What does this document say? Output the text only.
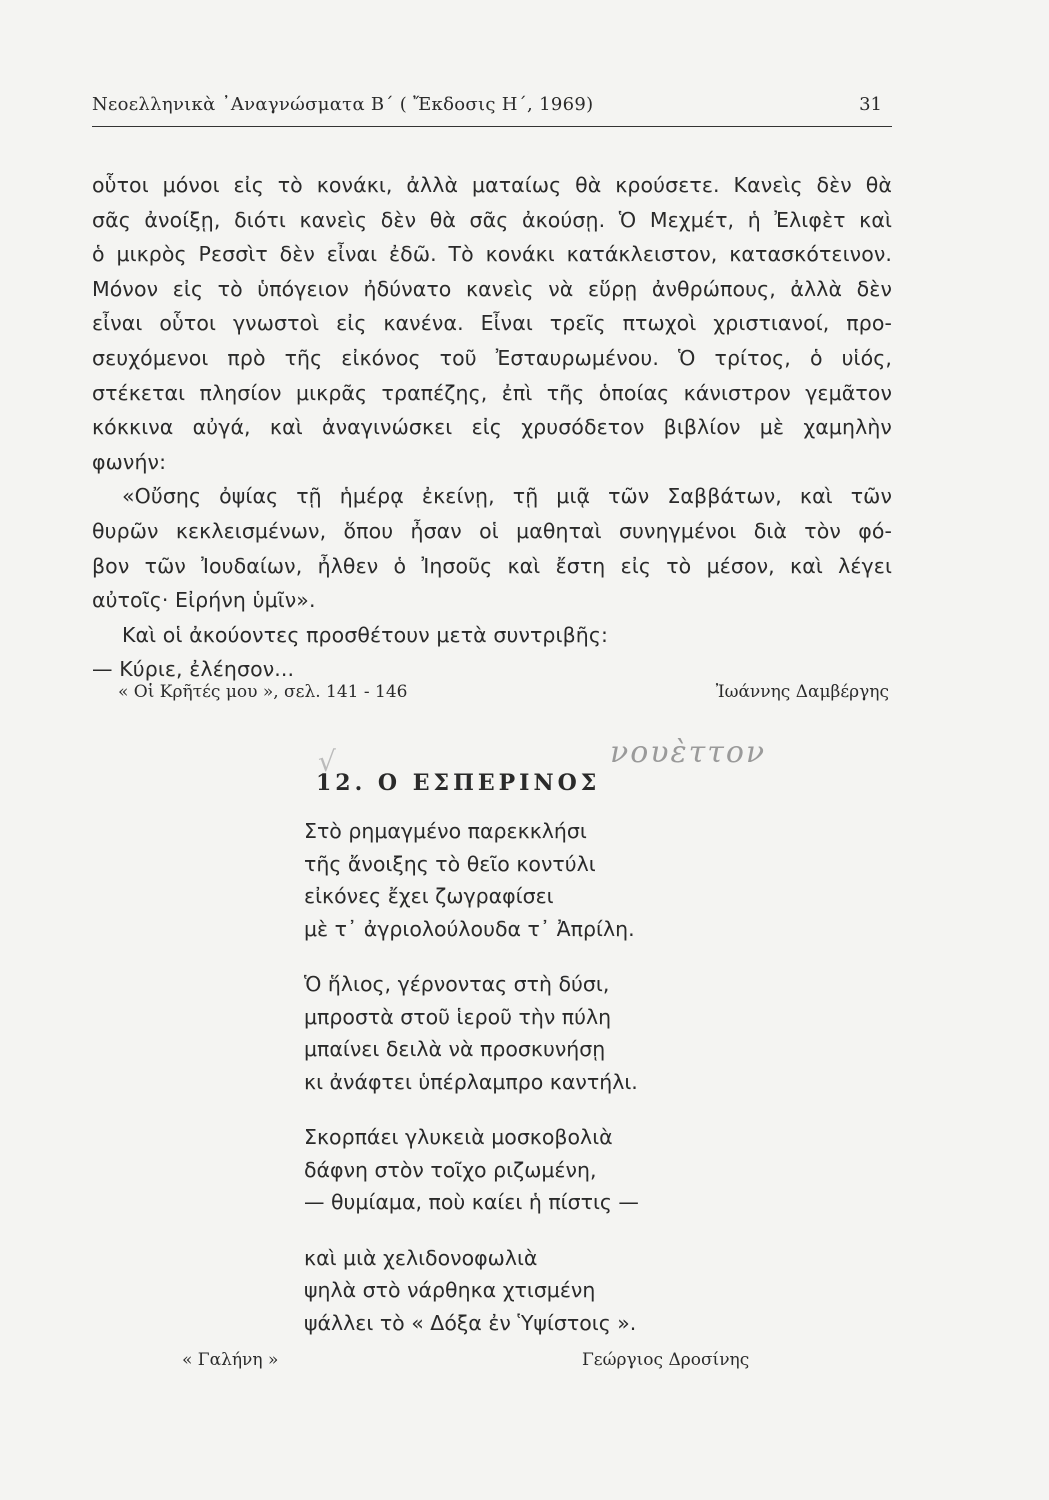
Νεοελληνικὰ ᾿Αναγνώσματα Β΄ ( Ἔκδοσις Η΄, 1969)	31
οὗτοι μόνοι εἰς τὸ κονάκι, ἀλλὰ ματαίως θὰ κρούσετε. Κανεὶς δὲν θὰ
σᾶς ἀνοίξῃ, διότι κανεὶς δὲν θὰ σᾶς ἀκούσῃ. Ὁ Μεχμέτ, ἡ Ἐλιφὲτ καὶ
ὁ μικρὸς Ρεσσὶτ δὲν εἶναι ἐδῶ. Τὸ κονάκι κατάκλειστον, κατασκότεινον.
Μόνον εἰς τὸ ὑπόγειον ἠδύνατο κανεὶς νὰ εὕρῃ ἀνθρώπους, ἀλλὰ δὲν
εἶναι οὗτοι γνωστοὶ εἰς κανένα. Εἶναι τρεῖς πτωχοὶ χριστιανοί, προ-
σευχόμενοι πρὸ τῆς εἰκόνος τοῦ Ἐσταυρωμένου. Ὁ τρίτος, ὁ υἱός,
στέκεται πλησίον μικρᾶς τραπέζης, ἐπὶ τῆς ὁποίας κάνιστρον γεμᾶτον
κόκκινα αὐγά, καὶ ἀναγινώσκει εἰς χρυσόδετον βιβλίον μὲ χαμηλὴν
φωνήν:
«Οὔσης ὀψίας τῇ ἡμέρᾳ ἐκείνῃ, τῇ μιᾷ τῶν Σαββάτων, καὶ τῶν
θυρῶν κεκλεισμένων, ὅπου ἦσαν οἱ μαθηταὶ συνηγμένοι διὰ τὸν φό-
βον τῶν Ἰουδαίων, ἦλθεν ὁ Ἰησοῦς καὶ ἔστη εἰς τὸ μέσον, καὶ λέγει
αὐτοῖς· Εἰρήνη ὑμῖν».
Καὶ οἱ ἀκούοντες προσθέτουν μετὰ συντριβῆς:
— Κύριε, ἐλέησον...
« Οἱ Κρῆτές μου », σελ. 141 - 146	Ἰωάννης Δαμβέργης
√	νουὲττον
12. Ο ΕΣΠΕΡΙΝΟΣ
Στὸ ρημαγμένο παρεκκλήσι
τῆς ἄνοιξης τὸ θεῖο κοντύλι
εἰκόνες ἔχει ζωγραφίσει
μὲ τ᾽ ἀγριολούλουδα τ᾽ Ἀπρίλη.
Ὁ ἥλιος, γέρνοντας στὴ δύσι,
μπροστὰ στοῦ ἱεροῦ τὴν πύλη
μπαίνει δειλὰ νὰ προσκυνήσῃ
κι ἀνάφτει ὑπέρλαμπρο καντήλι.
Σκορπάει γλυκειὰ μοσκοβολιὰ
δάφνη στὸν τοῖχο ριζωμένη,
— θυμίαμα, ποὺ καίει ἡ πίστις —
καὶ μιὰ χελιδονοφωλιὰ
ψηλὰ στὸ νάρθηκα χτισμένη
ψάλλει τὸ « Δόξα ἐν Ὑψίστοις ».
« Γαλήνη »	Γεώργιος Δροσίνης
